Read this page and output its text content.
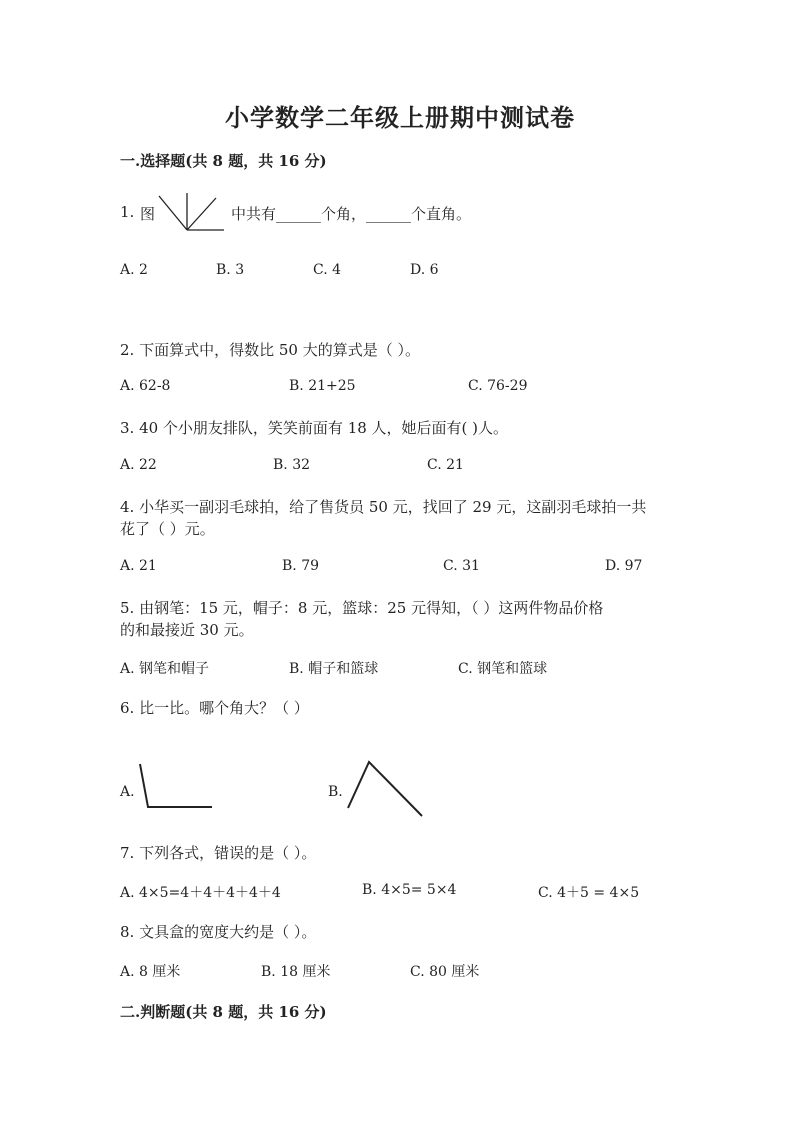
小学数学二年级上册期中测试卷
一.选择题(共 8 题，共 16 分)
1. 图	中共有______个角，______个直角。
A. 2	B. 3	C. 4	D. 6
2. 下面算式中，得数比 50 大的算式是（ ）。
A. 62-8	B. 21+25	C. 76-29
3. 40 个小朋友排队，笑笑前面有 18 人，她后面有( )人。
A. 22	B. 32	C. 21
4. 小华买一副羽毛球拍，给了售货员 50 元，找回了 29 元，这副羽毛球拍一共
花了（ ）元。
A. 21	B. 79	C. 31	D. 97
5. 由钢笔：15 元，帽子：8 元，篮球：25 元得知，（ ）这两件物品价格
的和最接近 30 元。
A. 钢笔和帽子	B. 帽子和篮球	C. 钢笔和篮球
6. 比一比。哪个角大？（ ）
A.	B.
7. 下列各式，错误的是（ ）。
A. 4×5=4＋4＋4＋4＋4	B. 4×5= 5×4	C. 4＋5 = 4×5
8. 文具盒的宽度大约是（ ）。
A. 8 厘米	B. 18 厘米	C. 80 厘米
二.判断题(共 8 题，共 16 分)
